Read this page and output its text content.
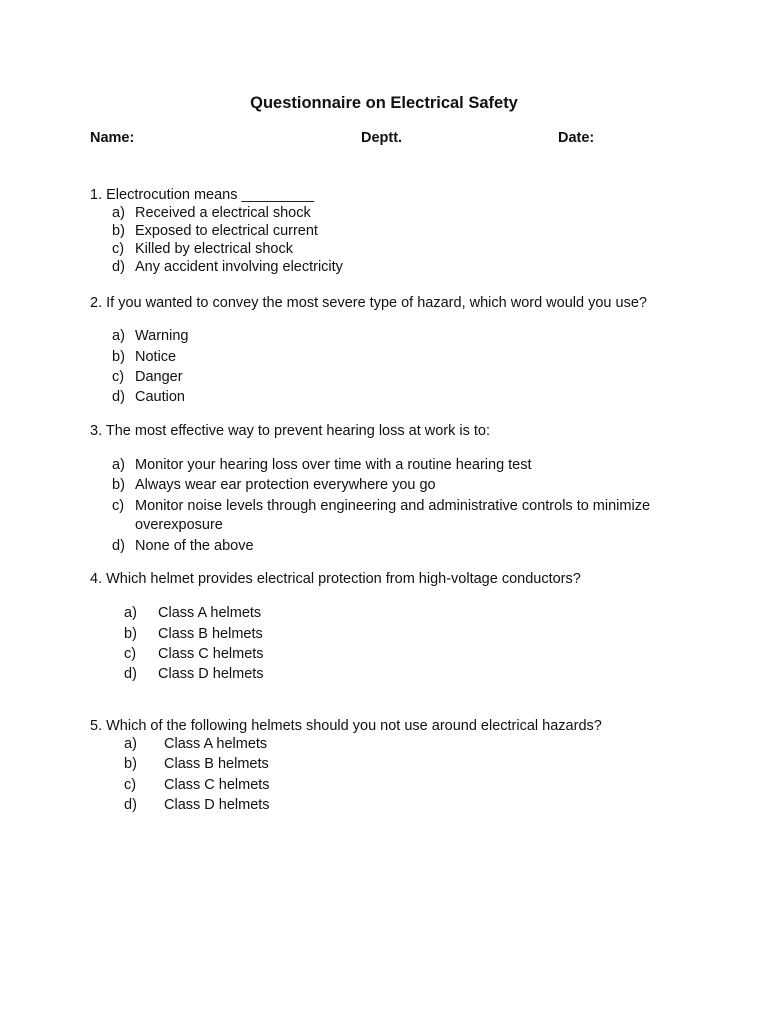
Questionnaire on Electrical Safety
Name:	Deptt.	Date:
1. Electrocution means _________
a) Received a electrical shock
b) Exposed to electrical current
c) Killed by electrical shock
d) Any accident involving electricity
2. If you wanted to convey the most severe type of hazard, which word would you use?
a) Warning
b) Notice
c) Danger
d) Caution
3. The most effective way to prevent hearing loss at work is to:
a) Monitor your hearing loss over time with a routine hearing test
b) Always wear ear protection everywhere you go
c) Monitor noise levels through engineering and administrative controls to minimize
overexposure
d) None of the above
4. Which helmet provides electrical protection from high-voltage conductors?
a) Class A helmets
b) Class B helmets
c) Class C helmets
d) Class D helmets
5. Which of the following helmets should you not use around electrical hazards?
a) Class A helmets
b) Class B helmets
c) Class C helmets
d) Class D helmets
